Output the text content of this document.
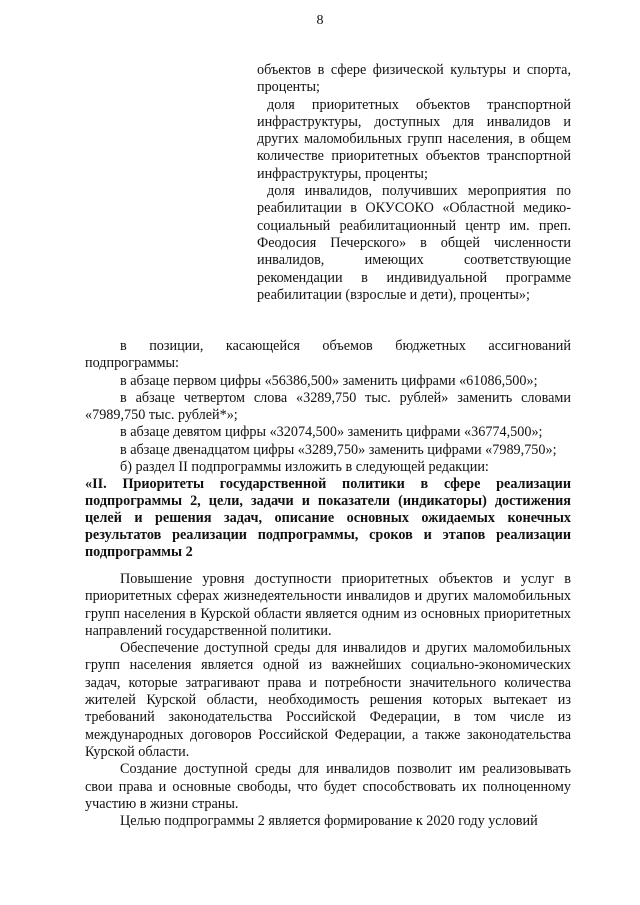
8

объектов в сфере физической культуры и спорта, проценты;

доля приоритетных объектов транспортной инфраструктуры, доступных для инвалидов и других маломобильных групп населения, в общем количестве приоритетных объектов транспортной инфраструктуры, проценты;

доля инвалидов, получивших мероприятия по реабилитации в ОКУСОКО «Областной медико-социальный реабилитационный центр им. преп. Феодосия Печерского» в общей численности инвалидов, имеющих соответствующие рекомендации в индивидуальной программе реабилитации (взрослые и дети), проценты»;

в позиции, касающейся объемов бюджетных ассигнований подпрограммы:

в абзаце первом цифры «56386,500» заменить цифрами «61086,500»;

в абзаце четвертом слова «3289,750 тыс. рублей» заменить словами «7989,750 тыс. рублей*»;

в абзаце девятом цифры «32074,500» заменить цифрами «36774,500»;

в абзаце двенадцатом цифры «3289,750» заменить цифрами «7989,750»;

б) раздел II подпрограммы изложить в следующей редакции:

«II. Приоритеты государственной политики в сфере реализации подпрограммы 2, цели, задачи и показатели (индикаторы) достижения целей и решения задач, описание основных ожидаемых конечных результатов реализации подпрограммы, сроков и этапов реализации подпрограммы 2

Повышение уровня доступности приоритетных объектов и услуг в приоритетных сферах жизнедеятельности инвалидов и других маломобильных групп населения в Курской области является одним из основных приоритетных направлений государственной политики.

Обеспечение доступной среды для инвалидов и других маломобильных групп населения является одной из важнейших социально-экономических задач, которые затрагивают права и потребности значительного количества жителей Курской области, необходимость решения которых вытекает из требований законодательства Российской Федерации, в том числе из международных договоров Российской Федерации, а также законодательства Курской области.

Создание доступной среды для инвалидов позволит им реализовывать свои права и основные свободы, что будет способствовать их полноценному участию в жизни страны.

Целью подпрограммы 2 является формирование к 2020 году условий
